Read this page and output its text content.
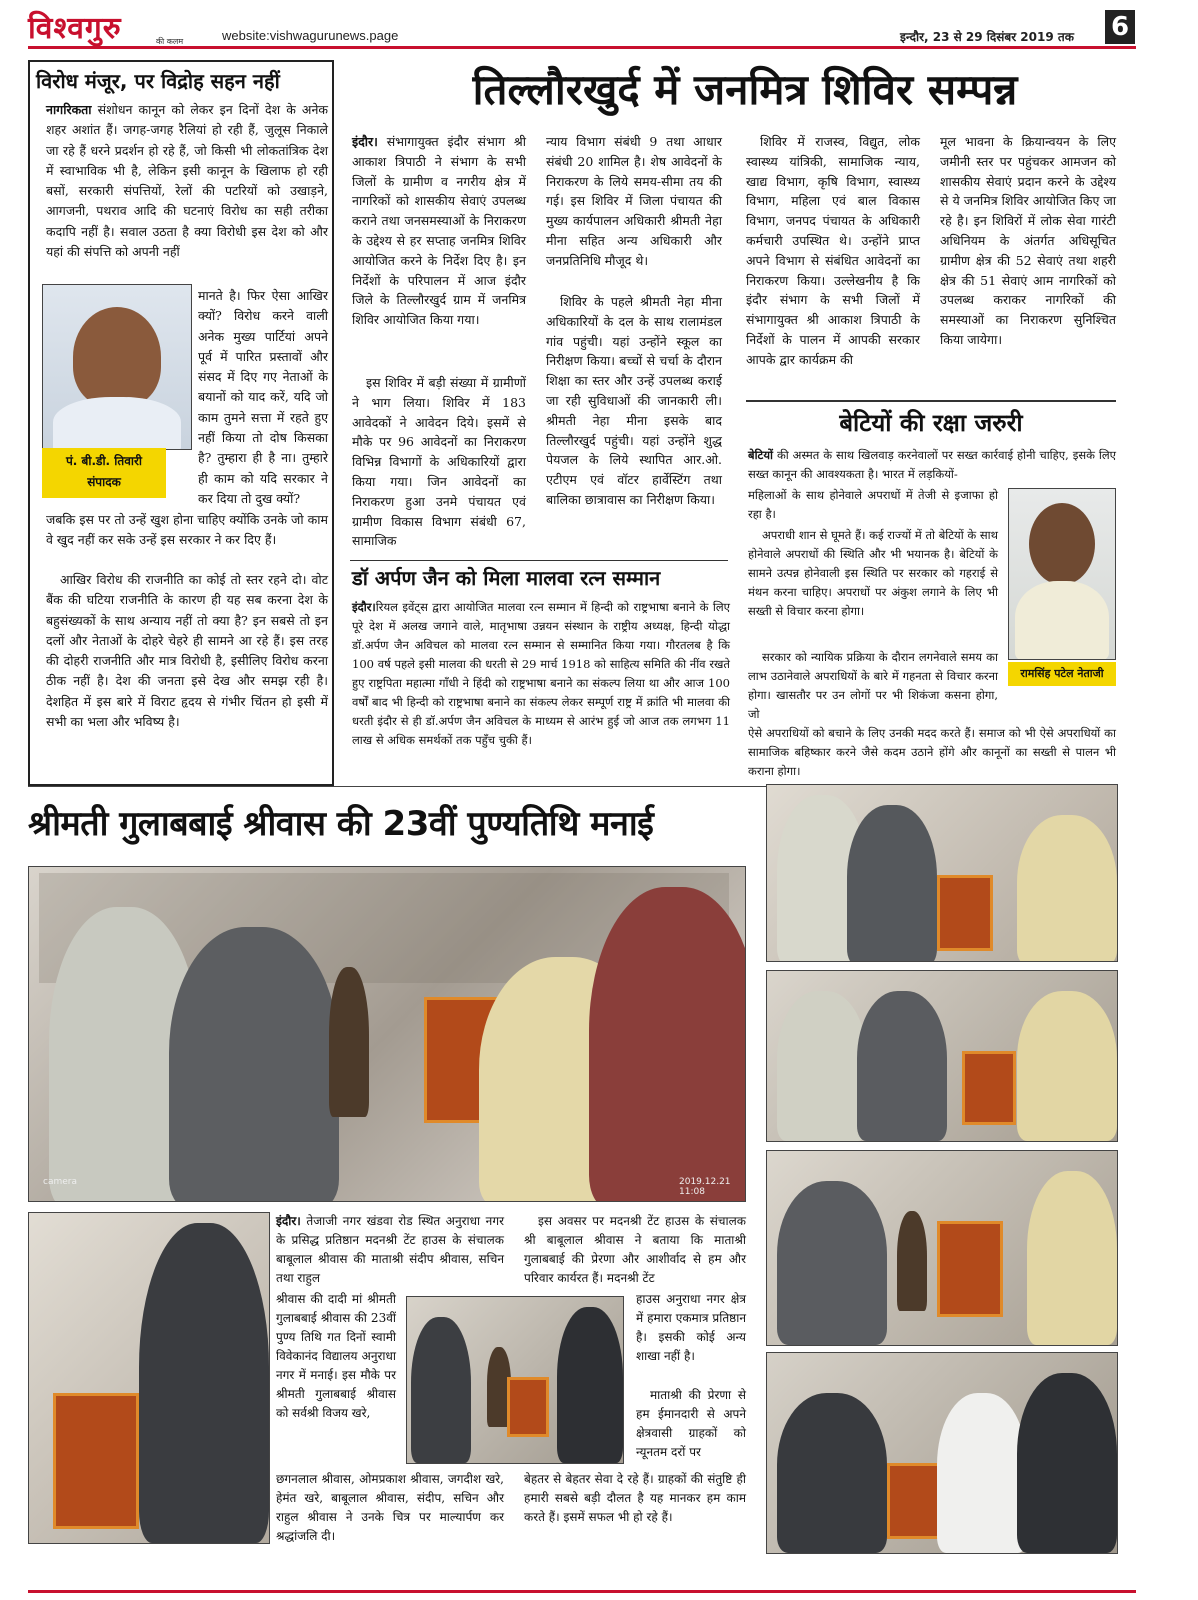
विश्वगुरु	की कलम	website:vishwagurunews.page	इन्दौर, 23 से 29 दिसंबर 2019 तक 6
विरोध मंजूर, पर विद्रोह सहन नहीं

नागरिकता संशोधन कानून को लेकर इन दिनों देश के अनेक शहर अशांत हैं। जगह-जगह रैलियां हो रही हैं, जुलूस निकाले जा रहे हैं धरने प्रदर्शन हो रहे हैं, जो किसी भी लोकतांत्रिक देश में स्वाभाविक भी है, लेकिन इसी कानून के खिलाफ हो रही बसों, सरकारी संपत्तियों, रेलों की पटरियों को उखाड़ने, आगजनी, पथराव आदि की घटनाएं विरोध का सही तरीका कदापि नहीं है। सवाल उठता है क्या विरोधी इस देश को और यहां की संपत्ति को अपनी नहीं

पं. बी.डी. तिवारी
संपादक

मानते है। फिर ऐसा आखिर क्यों? विरोध करने वाली अनेक मुख्य पार्टियां अपने पूर्व में पारित प्रस्तावों और संसद में दिए गए नेताओं के बयानों को याद करें, यदि जो काम तुमने सत्ता में रहते हुए नहीं किया तो दोष किसका है? तुम्हारा ही है ना। तुम्हारे ही काम को यदि सरकार ने कर दिया तो दुख क्यों?

जबकि इस पर तो उन्हें खुश होना चाहिए क्योंकि उनके जो काम वे खुद नहीं कर सके उन्हें इस सरकार ने कर दिए हैं।

आखिर विरोध की राजनीति का कोई तो स्तर रहने दो। वोट बैंक की घटिया राजनीति के कारण ही यह सब करना देश के बहुसंख्यकों के साथ अन्याय नहीं तो क्या है? इन सबसे तो इन दलों और नेताओं के दोहरे चेहरे ही सामने आ रहे हैं। इस तरह की दोहरी राजनीति और मात्र विरोधी है, इसीलिए विरोध करना ठीक नहीं है। देश की जनता इसे देख और समझ रही है। देशहित में इस बारे में विराट हृदय से गंभीर चिंतन हो इसी में सभी का भला और भविष्य है।

तिल्लौरखुर्द में जनमित्र शिविर सम्पन्न

इंदौर। संभागायुक्त इंदौर संभाग श्री आकाश त्रिपाठी ने संभाग के सभी जिलों के ग्रामीण व नगरीय क्षेत्र में नागरिकों को शासकीय सेवाएं उपलब्ध कराने तथा जनसमस्याओं के निराकरण के उद्देश्य से हर सप्ताह जनमित्र शिविर आयोजित करने के निर्देश दिए है। इन निर्देशों के परिपालन में आज इंदौर जिले के तिल्लौरखुर्द ग्राम में जनमित्र शिविर आयोजित किया गया।

इस शिविर में बड़ी संख्या में ग्रामीणों ने भाग लिया। शिविर में 183 आवेदकों ने आवेदन दिये। इसमें से मौके पर 96 आवेदनों का निराकरण विभिन्न विभागों के अधिकारियों द्वारा किया गया। जिन आवेदनों का निराकरण हुआ उनमे पंचायत एवं ग्रामीण विकास विभाग संबंधी 67, सामाजिक

न्याय विभाग संबंधी 9 तथा आधार संबंधी 20 शामिल है। शेष आवेदनों के निराकरण के लिये समय-सीमा तय की गई। इस शिविर में जिला पंचायत की मुख्य कार्यपालन अधिकारी श्रीमती नेहा मीना सहित अन्य अधिकारी और जनप्रतिनिधि मौजूद थे।

शिविर के पहले श्रीमती नेहा मीना अधिकारियों के दल के साथ रालामंडल गांव पहुंची। यहां उन्होंने स्कूल का निरीक्षण किया। बच्चों से चर्चा के दौरान शिक्षा का स्तर और उन्हें उपलब्ध कराई जा रही सुविधाओं की जानकारी ली। श्रीमती नेहा मीना इसके बाद तिल्लौरखुर्द पहुंची। यहां उन्होंने शुद्ध पेयजल के लिये स्थापित आर.ओ. एटीएम एवं वॉटर हार्वेस्टिंग तथा बालिका छात्रावास का निरीक्षण किया।

शिविर में राजस्व, विद्युत, लोक स्वास्थ्य यांत्रिकी, सामाजिक न्याय, खाद्य विभाग, कृषि विभाग, स्वास्थ्य विभाग, महिला एवं बाल विकास विभाग, जनपद पंचायत के अधिकारी कर्मचारी उपस्थित थे। उन्होंने प्राप्त अपने विभाग से संबंधित आवेदनों का निराकरण किया। उल्लेखनीय है कि इंदौर संभाग के सभी जिलों में संभागायुक्त श्री आकाश त्रिपाठी के निर्देशों के पालन में आपकी सरकार आपके द्वार कार्यक्रम की

मूल भावना के क्रियान्वयन के लिए जमीनी स्तर पर पहुंचकर आमजन को शासकीय सेवाएं प्रदान करने के उद्देश्य से ये जनमित्र शिविर आयोजित किए जा रहे है। इन शिविरों में लोक सेवा गारंटी अधिनियम के अंतर्गत अधिसूचित ग्रामीण क्षेत्र की 52 सेवाएं तथा शहरी क्षेत्र की 51 सेवाएं आम नागरिकों को उपलब्ध कराकर नागरिकों की समस्याओं का निराकरण सुनिश्चित किया जायेगा।

डॉ अर्पण जैन को मिला मालवा रत्न सम्मान

इंदौर।रियल इवेंट्स द्वारा आयोजित मालवा रत्न सम्मान में हिन्दी को राष्ट्रभाषा बनाने के लिए पूरे देश में अलख जगाने वाले, मातृभाषा उन्नयन संस्थान के राष्ट्रीय अध्यक्ष, हिन्दी योद्धा डॉ.अर्पण जैन अविचल को मालवा रत्न सम्मान से सम्मानित किया गया। गौरतलब है कि 100 वर्ष पहले इसी मालवा की धरती से 29 मार्च 1918 को साहित्य समिति की नींव रखते हुए राष्ट्रपिता महात्मा गाँधी ने हिंदी को राष्ट्रभाषा बनाने का संकल्प लिया था और आज 100 वर्षों बाद भी हिन्दी को राष्ट्रभाषा बनाने का संकल्प लेकर सम्पूर्ण राष्ट्र में क्रांति भी मालवा की धरती इंदौर से ही डॉ.अर्पण जैन अविचल के माध्यम से आरंभ हुई जो आज तक लगभग 11 लाख से अधिक समर्थकों तक पहुँच चुकी हैं।

बेटियों की रक्षा जरुरी

बेटियों की अस्मत के साथ खिलवाड़ करनेवालों पर सख्त कार्रवाई होनी चाहिए, इसके लिए सख्त कानून की आवश्यकता है। भारत में लड़कियों-

महिलाओं के साथ होनेवाले अपराधों में तेजी से इजाफा हो रहा है।

अपराधी शान से घूमते हैं। कई राज्यों में तो बेटियों के साथ होनेवाले अपराधों की स्थिति और भी भयानक है। बेटियों के सामने उत्पन्न होनेवाली इस स्थिति पर सरकार को गहराई से मंथन करना चाहिए। अपराधों पर अंकुश लगाने के लिए भी सख्ती से विचार करना होगा।

सरकार को न्यायिक प्रक्रिया के दौरान लगनेवाले समय का लाभ उठानेवाले अपराधियों के बारे में गहनता से विचार करना होगा। खासतौर पर उन लोगों पर भी शिकंजा कसना होगा, जो

ऐसे अपराधियों को बचाने के लिए उनकी मदद करते हैं। समाज को भी ऐसे अपराधियों का सामाजिक बहिष्कार करने जैसे कदम उठाने होंगे और कानूनों का सख्ती से पालन भी कराना होगा।

रामसिंह पटेल नेताजी
श्रीमती गुलाबबाई श्रीवास की 23वीं पुण्यतिथि मनाई
camera	2019.12.21 11:08

इंदौर। तेजाजी नगर खंडवा रोड स्थित अनुराधा नगर के प्रसिद्ध प्रतिष्ठान मदनश्री टेंट हाउस के संचालक बाबूलाल श्रीवास की माताश्री संदीप श्रीवास, सचिन तथा राहुल

श्रीवास की दादी मां श्रीमती गुलाबबाई श्रीवास की 23वीं पुण्य तिथि गत दिनों स्वामी विवेकानंद विद्यालय अनुराधा नगर में मनाई। इस मौके पर श्रीमती गुलाबबाई श्रीवास को सर्वश्री विजय खरे,

छगनलाल श्रीवास, ओमप्रकाश श्रीवास, जगदीश खरे, हेमंत खरे, बाबूलाल श्रीवास, संदीप, सचिन और राहुल श्रीवास ने उनके चित्र पर माल्यार्पण कर श्रद्धांजलि दी।

इस अवसर पर मदनश्री टेंट हाउस के संचालक श्री बाबूलाल श्रीवास ने बताया कि माताश्री गुलाबबाई की प्रेरणा और आशीर्वाद से हम और परिवार कार्यरत हैं। मदनश्री टेंट

हाउस अनुराधा नगर क्षेत्र में हमारा एकमात्र प्रतिष्ठान है। इसकी कोई अन्य शाखा नहीं है।

माताश्री की प्रेरणा से हम ईमानदारी से अपने क्षेत्रवासी ग्राहकों को न्यूनतम दरों पर

बेहतर से बेहतर सेवा दे रहे हैं। ग्राहकों की संतुष्टि ही हमारी सबसे बड़ी दौलत है यह मानकर हम काम करते हैं। इसमें सफल भी हो रहे हैं।
